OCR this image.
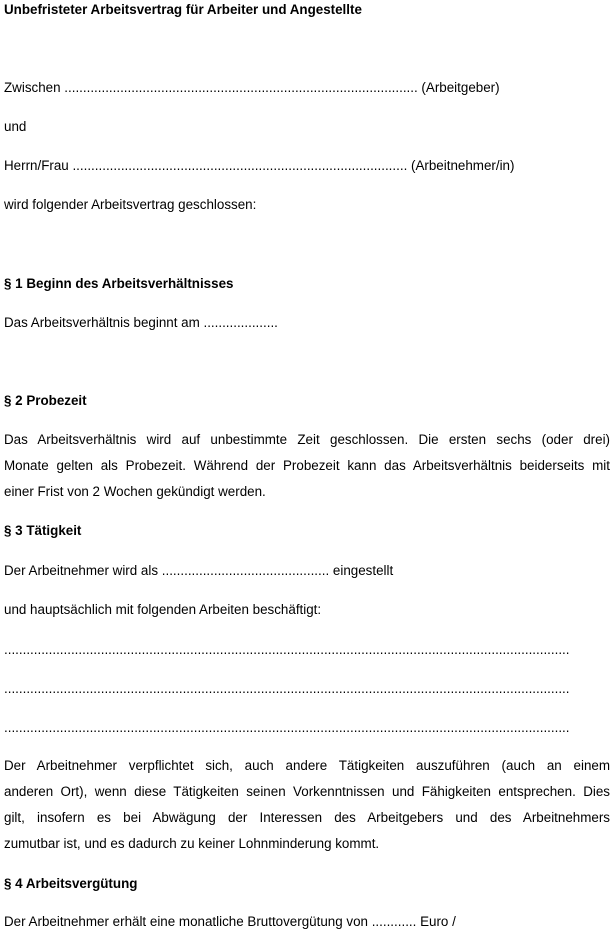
Unbefristeter Arbeitsvertrag für Arbeiter und Angestellte
Zwischen ............................................................................................... (Arbeitgeber)
und
Herrn/Frau .......................................................................................... (Arbeitnehmer/in)
wird folgender Arbeitsvertrag geschlossen:
§ 1 Beginn des Arbeitsverhältnisses
Das Arbeitsverhältnis beginnt am ....................
§ 2 Probezeit
Das Arbeitsverhältnis wird auf unbestimmte Zeit geschlossen. Die ersten sechs (oder drei)
Monate gelten als Probezeit. Während der Probezeit kann das Arbeitsverhältnis beiderseits mit
einer Frist von 2 Wochen gekündigt werden.
§ 3 Tätigkeit
Der Arbeitnehmer wird als ............................................. eingestellt
und hauptsächlich mit folgenden Arbeiten beschäftigt:
........................................................................................................................................................
........................................................................................................................................................
........................................................................................................................................................
Der Arbeitnehmer verpflichtet sich, auch andere Tätigkeiten auszuführen (auch an einem
anderen Ort), wenn diese Tätigkeiten seinen Vorkenntnissen und Fähigkeiten entsprechen. Dies
gilt, insofern es bei Abwägung der Interessen des Arbeitgebers und des Arbeitnehmers
zumutbar ist, und es dadurch zu keiner Lohnminderung kommt.
§ 4 Arbeitsvergütung
Der Arbeitnehmer erhält eine monatliche Bruttovergütung von ............ Euro /
